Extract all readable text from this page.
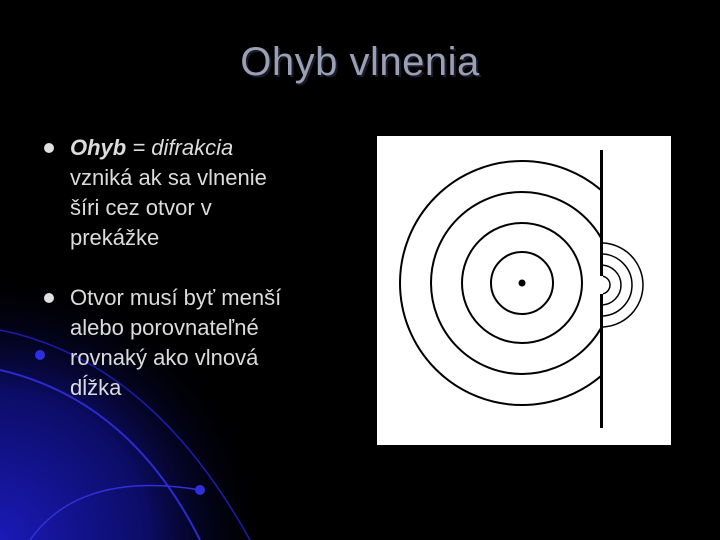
Ohyb vlnenia
Ohyb = difrakcia
vzniká ak sa vlnenie
šíri cez otvor v
prekážke
Otvor musí byť menší
alebo porovnateľné
rovnaký ako vlnová
dĺžka
